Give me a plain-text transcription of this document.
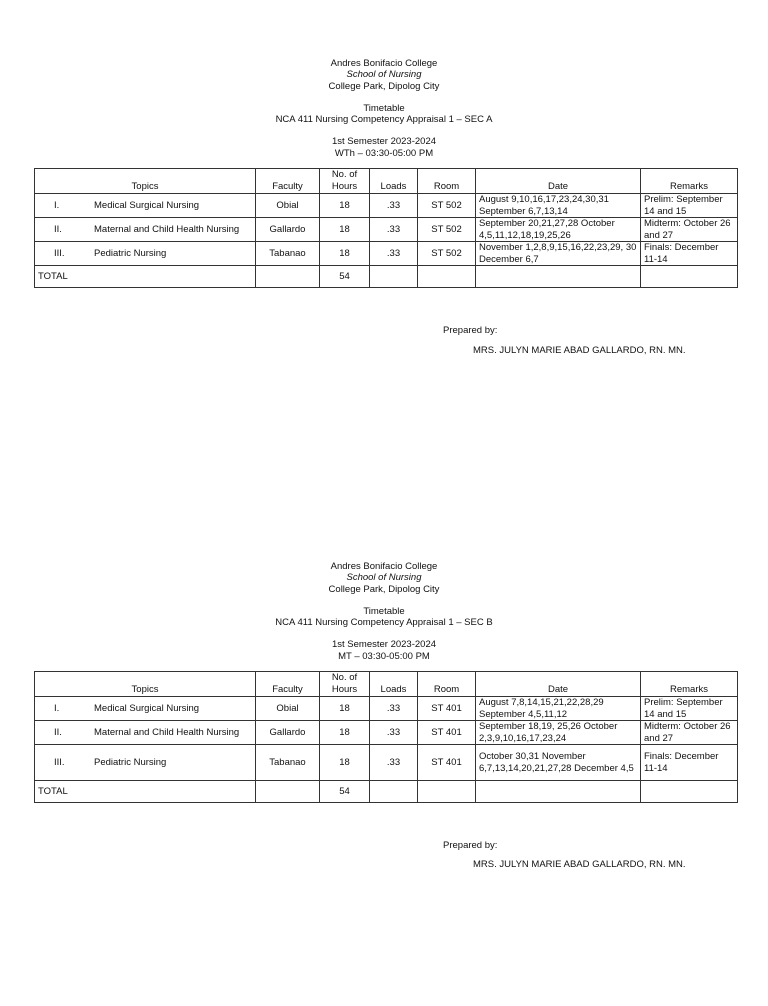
Andres Bonifacio College
School of Nursing
College Park, Dipolog City
Timetable
NCA 411 Nursing Competency Appraisal 1 – SEC A
1st Semester 2023-2024
WTh – 03:30-05:00 PM
Topics	Faculty	No. of Hours	Loads	Room	Date	Remarks
I. Medical Surgical Nursing	Obial	18	.33	ST 502	August 9,10,16,17,23,24,30,31 September 6,7,13,14	Prelim: September 14 and 15
II. Maternal and Child Health Nursing	Gallardo	18	.33	ST 502	September 20,21,27,28 October 4,5,11,12,18,19,25,26	Midterm: October 26 and 27
III. Pediatric Nursing	Tabanao	18	.33	ST 502	November 1,2,8,9,15,16,22,23,29, 30 December 6,7	Finals: December 11-14
TOTAL		54				
Prepared by:
MRS. JULYN MARIE ABAD GALLARDO, RN. MN.
Andres Bonifacio College
School of Nursing
College Park, Dipolog City
Timetable
NCA 411 Nursing Competency Appraisal 1 – SEC B
1st Semester 2023-2024
MT – 03:30-05:00 PM
Topics	Faculty	No. of Hours	Loads	Room	Date	Remarks
I. Medical Surgical Nursing	Obial	18	.33	ST 401	August 7,8,14,15,21,22,28,29 September 4,5,11,12	Prelim: September 14 and 15
II. Maternal and Child Health Nursing	Gallardo	18	.33	ST 401	September 18,19, 25,26 October 2,3,9,10,16,17,23,24	Midterm: October 26 and 27
III. Pediatric Nursing	Tabanao	18	.33	ST 401	October 30,31 November 6,7,13,14,20,21,27,28 December 4,5	Finals: December 11-14
TOTAL		54				
Prepared by:
MRS. JULYN MARIE ABAD GALLARDO, RN. MN.
